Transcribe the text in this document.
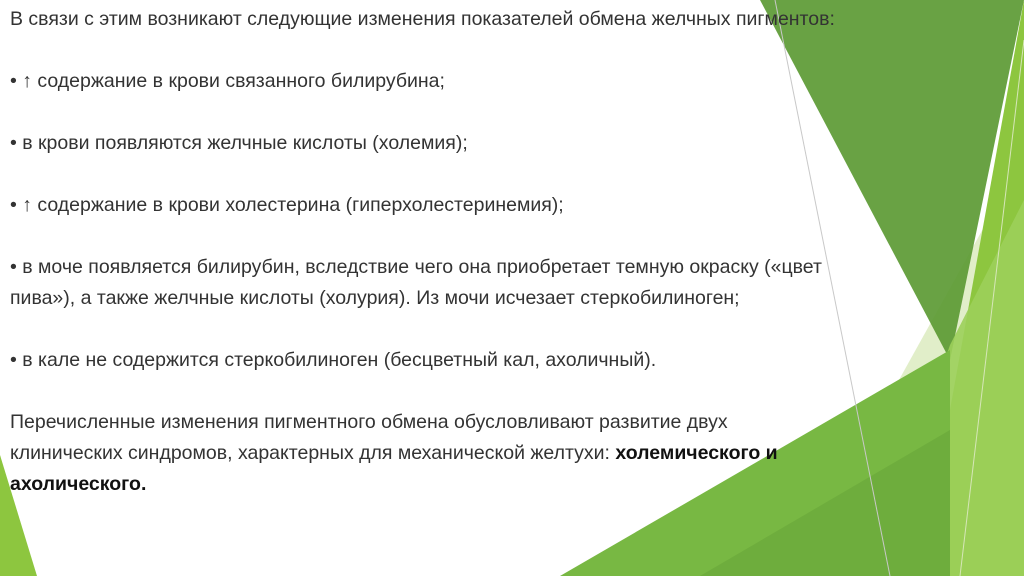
В связи с этим возникают следующие изменения показателей обмена желчных пигментов:

• ↑ содержание в крови связанного билирубина;

• в крови появляются желчные кислоты (холемия);

• ↑ содержание в крови холестерина (гиперхолестеринемия);

• в моче появляется билирубин, вследствие чего она приобретает темную окраску («цвет

пива»), а также желчные кислоты (холурия). Из мочи исчезает стеркобилиноген;

• в кале не содержится стеркобилиноген (бесцветный кал, ахоличный).

Перечисленные изменения пигментного обмена обусловливают развитие двух

клинических синдромов, характерных для механической желтухи: холемического и

ахолического.
